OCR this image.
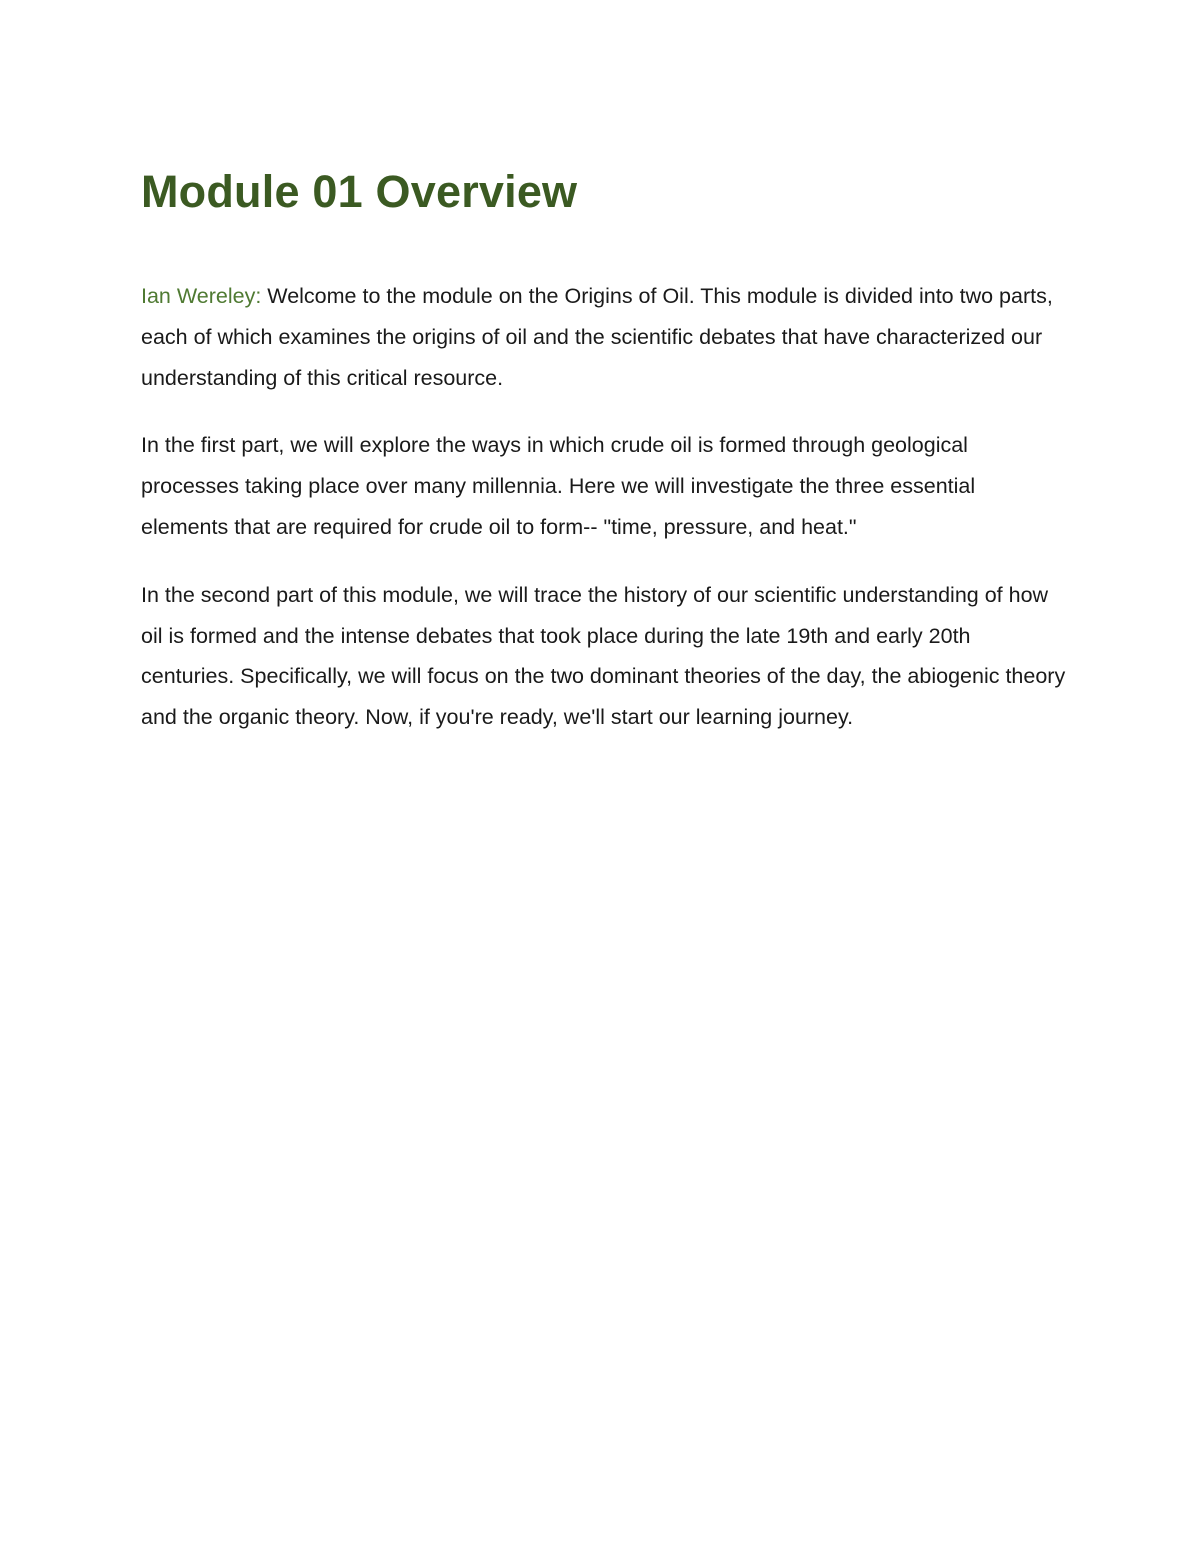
Module 01 Overview

Ian Wereley: Welcome to the module on the Origins of Oil. This module is divided into two parts, each of which examines the origins of oil and the scientific debates that have characterized our understanding of this critical resource.

In the first part, we will explore the ways in which crude oil is formed through geological processes taking place over many millennia. Here we will investigate the three essential elements that are required for crude oil to form-- "time, pressure, and heat."

In the second part of this module, we will trace the history of our scientific understanding of how oil is formed and the intense debates that took place during the late 19th and early 20th centuries. Specifically, we will focus on the two dominant theories of the day, the abiogenic theory and the organic theory. Now, if you're ready, we'll start our learning journey.
